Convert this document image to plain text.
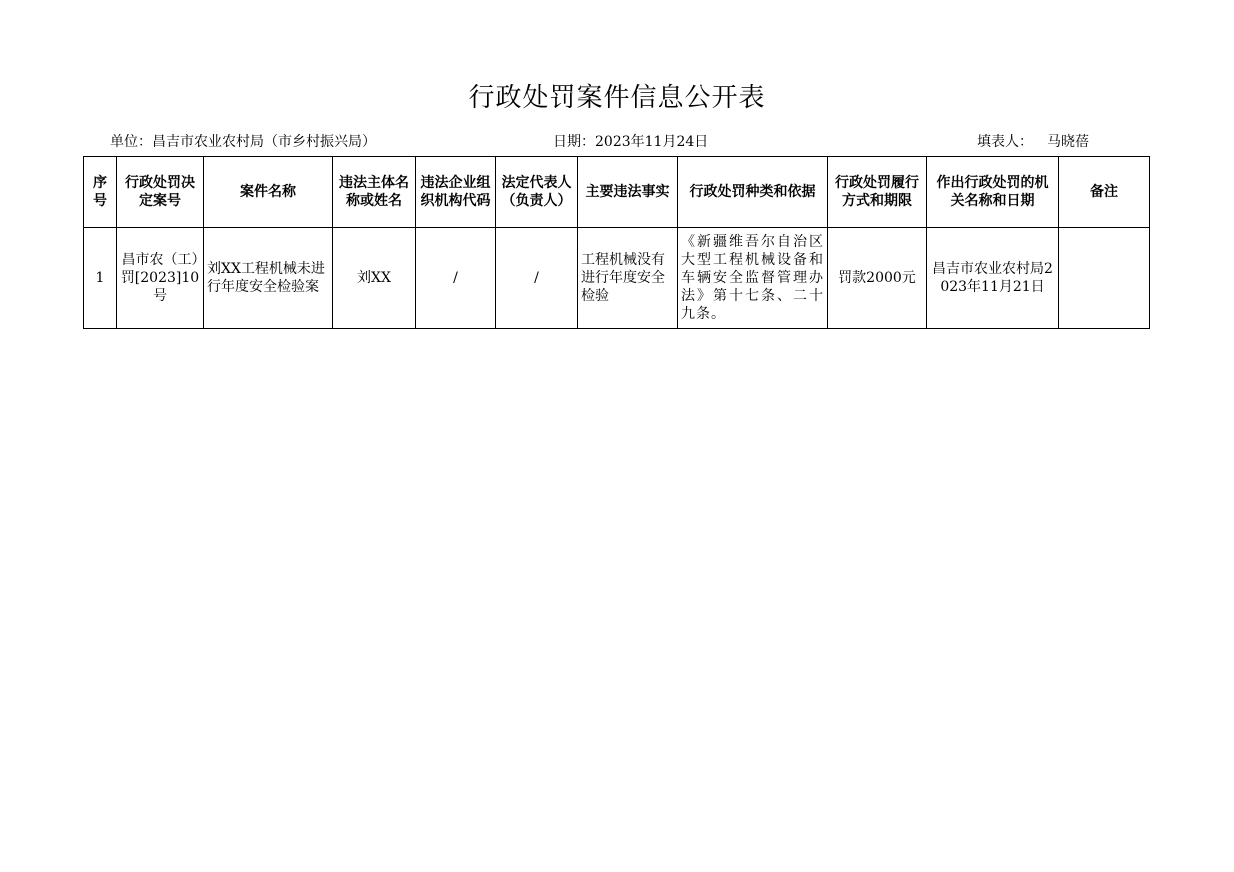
行政处罚案件信息公开表
单位：昌吉市农业农村局（市乡村振兴局）	日期：2023年11月24日	填表人： 马晓蓓
序号	行政处罚决定案号	案件名称	违法主体名称或姓名	违法企业组织机构代码	法定代表人（负责人）	主要违法事实	行政处罚种类和依据	行政处罚履行方式和期限	作出行政处罚的机关名称和日期	备注
1	昌市农（工）罚[2023]10号	刘XX工程机械未进行年度安全检验案	刘XX	/	/	工程机械没有进行年度安全检验	《新疆维吾尔自治区大型工程机械设备和车辆安全监督管理办法》第十七条、二十九条。	罚款2000元	昌吉市农业农村局2023年11月21日	
